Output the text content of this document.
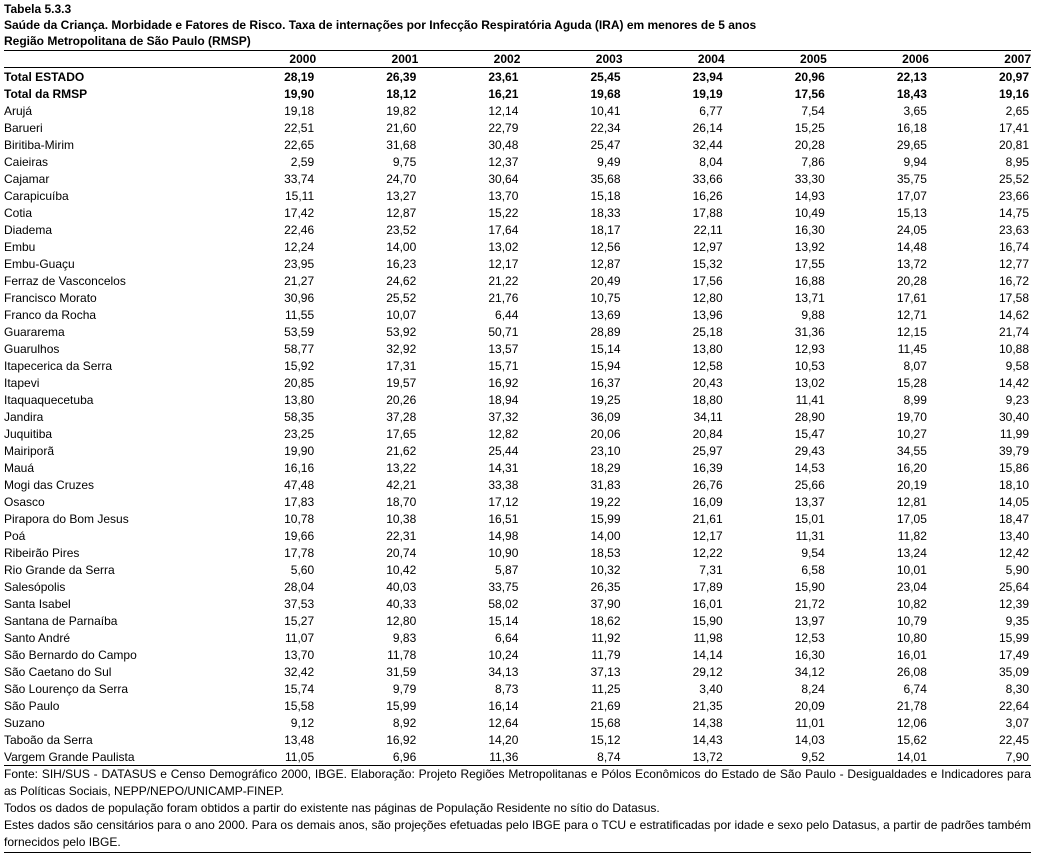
Tabela 5.3.3
Saúde da Criança. Morbidade e Fatores de Risco. Taxa de internações por Infecção Respiratória Aguda (IRA) em menores de 5 anos
Região Metropolitana de São Paulo (RMSP)
	2000	2001	2002	2003	2004	2005	2006	2007
Total ESTADO	28,19	26,39	23,61	25,45	23,94	20,96	22,13	20,97
Total da RMSP	19,90	18,12	16,21	19,68	19,19	17,56	18,43	19,16
Arujá	19,18	19,82	12,14	10,41	6,77	7,54	3,65	2,65
Barueri	22,51	21,60	22,79	22,34	26,14	15,25	16,18	17,41
Biritiba-Mirim	22,65	31,68	30,48	25,47	32,44	20,28	29,65	20,81
Caieiras	2,59	9,75	12,37	9,49	8,04	7,86	9,94	8,95
Cajamar	33,74	24,70	30,64	35,68	33,66	33,30	35,75	25,52
Carapicuíba	15,11	13,27	13,70	15,18	16,26	14,93	17,07	23,66
Cotia	17,42	12,87	15,22	18,33	17,88	10,49	15,13	14,75
Diadema	22,46	23,52	17,64	18,17	22,11	16,30	24,05	23,63
Embu	12,24	14,00	13,02	12,56	12,97	13,92	14,48	16,74
Embu-Guaçu	23,95	16,23	12,17	12,87	15,32	17,55	13,72	12,77
Ferraz de Vasconcelos	21,27	24,62	21,22	20,49	17,56	16,88	20,28	16,72
Francisco Morato	30,96	25,52	21,76	10,75	12,80	13,71	17,61	17,58
Franco da Rocha	11,55	10,07	6,44	13,69	13,96	9,88	12,71	14,62
Guararema	53,59	53,92	50,71	28,89	25,18	31,36	12,15	21,74
Guarulhos	58,77	32,92	13,57	15,14	13,80	12,93	11,45	10,88
Itapecerica da Serra	15,92	17,31	15,71	15,94	12,58	10,53	8,07	9,58
Itapevi	20,85	19,57	16,92	16,37	20,43	13,02	15,28	14,42
Itaquaquecetuba	13,80	20,26	18,94	19,25	18,80	11,41	8,99	9,23
Jandira	58,35	37,28	37,32	36,09	34,11	28,90	19,70	30,40
Juquitiba	23,25	17,65	12,82	20,06	20,84	15,47	10,27	11,99
Mairiporã	19,90	21,62	25,44	23,10	25,97	29,43	34,55	39,79
Mauá	16,16	13,22	14,31	18,29	16,39	14,53	16,20	15,86
Mogi das Cruzes	47,48	42,21	33,38	31,83	26,76	25,66	20,19	18,10
Osasco	17,83	18,70	17,12	19,22	16,09	13,37	12,81	14,05
Pirapora do Bom Jesus	10,78	10,38	16,51	15,99	21,61	15,01	17,05	18,47
Poá	19,66	22,31	14,98	14,00	12,17	11,31	11,82	13,40
Ribeirão Pires	17,78	20,74	10,90	18,53	12,22	9,54	13,24	12,42
Rio Grande da Serra	5,60	10,42	5,87	10,32	7,31	6,58	10,01	5,90
Salesópolis	28,04	40,03	33,75	26,35	17,89	15,90	23,04	25,64
Santa Isabel	37,53	40,33	58,02	37,90	16,01	21,72	10,82	12,39
Santana de Parnaíba	15,27	12,80	15,14	18,62	15,90	13,97	10,79	9,35
Santo André	11,07	9,83	6,64	11,92	11,98	12,53	10,80	15,99
São Bernardo do Campo	13,70	11,78	10,24	11,79	14,14	16,30	16,01	17,49
São Caetano do Sul	32,42	31,59	34,13	37,13	29,12	34,12	26,08	35,09
São Lourenço da Serra	15,74	9,79	8,73	11,25	3,40	8,24	6,74	8,30
São Paulo	15,58	15,99	16,14	21,69	21,35	20,09	21,78	22,64
Suzano	9,12	8,92	12,64	15,68	14,38	11,01	12,06	3,07
Taboão da Serra	13,48	16,92	14,20	15,12	14,43	14,03	15,62	22,45
Vargem Grande Paulista	11,05	6,96	11,36	8,74	13,72	9,52	14,01	7,90
Fonte: SIH/SUS - DATASUS e Censo Demográfico 2000, IBGE. Elaboração: Projeto Regiões Metropolitanas e Pólos Econômicos do Estado de São Paulo - Desigualdades e Indicadores para as Políticas Sociais, NEPP/NEPO/UNICAMP-FINEP.
Todos os dados de população foram obtidos a partir do existente nas páginas de População Residente no sítio do Datasus.
Estes dados são censitários para o ano 2000. Para os demais anos, são projeções efetuadas pelo IBGE para o TCU e estratificadas por idade e sexo pelo Datasus, a partir de padrões também fornecidos pelo IBGE.
